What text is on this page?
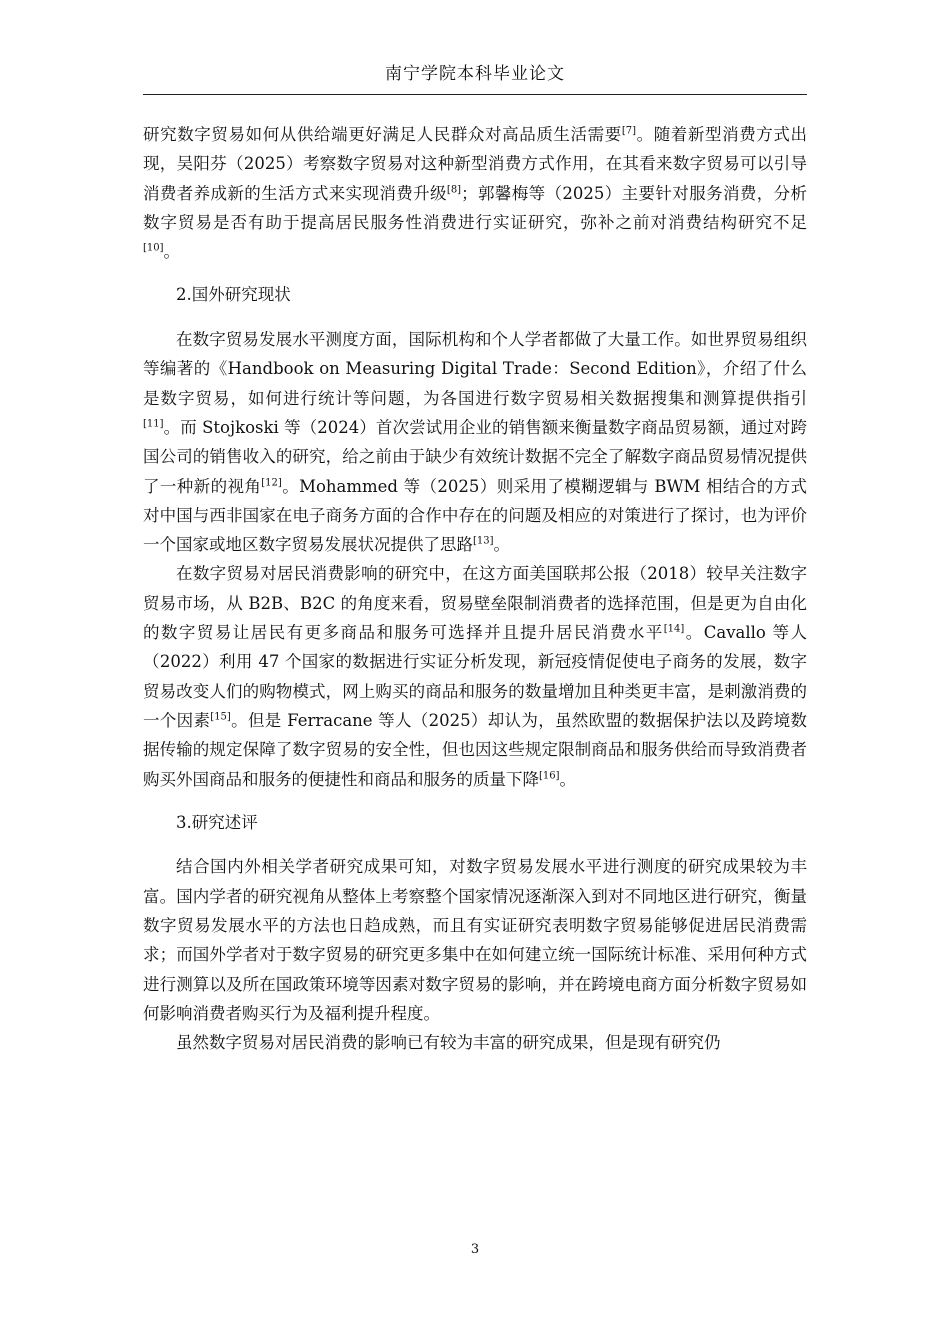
南宁学院本科毕业论文

研究数字贸易如何从供给端更好满足人民群众对高品质生活需要[7]。随着新型消费方式出现，吴阳芬（2025）考察数字贸易对这种新型消费方式作用，在其看来数字贸易可以引导消费者养成新的生活方式来实现消费升级[8]；郭馨梅等（2025）主要针对服务消费，分析数字贸易是否有助于提高居民服务性消费进行实证研究，弥补之前对消费结构研究不足[10]。

2.国外研究现状

在数字贸易发展水平测度方面，国际机构和个人学者都做了大量工作。如世界贸易组织等编著的《Handbook on Measuring Digital Trade：Second Edition》，介绍了什么是数字贸易，如何进行统计等问题，为各国进行数字贸易相关数据搜集和测算提供指引[11]。而 Stojkoski 等（2024）首次尝试用企业的销售额来衡量数字商品贸易额，通过对跨国公司的销售收入的研究，给之前由于缺少有效统计数据不完全了解数字商品贸易情况提供了一种新的视角[12]。Mohammed 等（2025）则采用了模糊逻辑与 BWM 相结合的方式对中国与西非国家在电子商务方面的合作中存在的问题及相应的对策进行了探讨，也为评价一个国家或地区数字贸易发展状况提供了思路[13]。

在数字贸易对居民消费影响的研究中，在这方面美国联邦公报（2018）较早关注数字贸易市场，从 B2B、B2C 的角度来看，贸易壁垒限制消费者的选择范围，但是更为自由化的数字贸易让居民有更多商品和服务可选择并且提升居民消费水平[14]。Cavallo 等人（2022）利用 47 个国家的数据进行实证分析发现，新冠疫情促使电子商务的发展，数字贸易改变人们的购物模式，网上购买的商品和服务的数量增加且种类更丰富，是刺激消费的一个因素[15]。但是 Ferracane 等人（2025）却认为，虽然欧盟的数据保护法以及跨境数据传输的规定保障了数字贸易的安全性，但也因这些规定限制商品和服务供给而导致消费者购买外国商品和服务的便捷性和商品和服务的质量下降[16]。

3.研究述评

结合国内外相关学者研究成果可知，对数字贸易发展水平进行测度的研究成果较为丰富。国内学者的研究视角从整体上考察整个国家情况逐渐深入到对不同地区进行研究，衡量数字贸易发展水平的方法也日趋成熟，而且有实证研究表明数字贸易能够促进居民消费需求；而国外学者对于数字贸易的研究更多集中在如何建立统一国际统计标准、采用何种方式进行测算以及所在国政策环境等因素对数字贸易的影响，并在跨境电商方面分析数字贸易如何影响消费者购买行为及福利提升程度。

虽然数字贸易对居民消费的影响已有较为丰富的研究成果，但是现有研究仍

3
